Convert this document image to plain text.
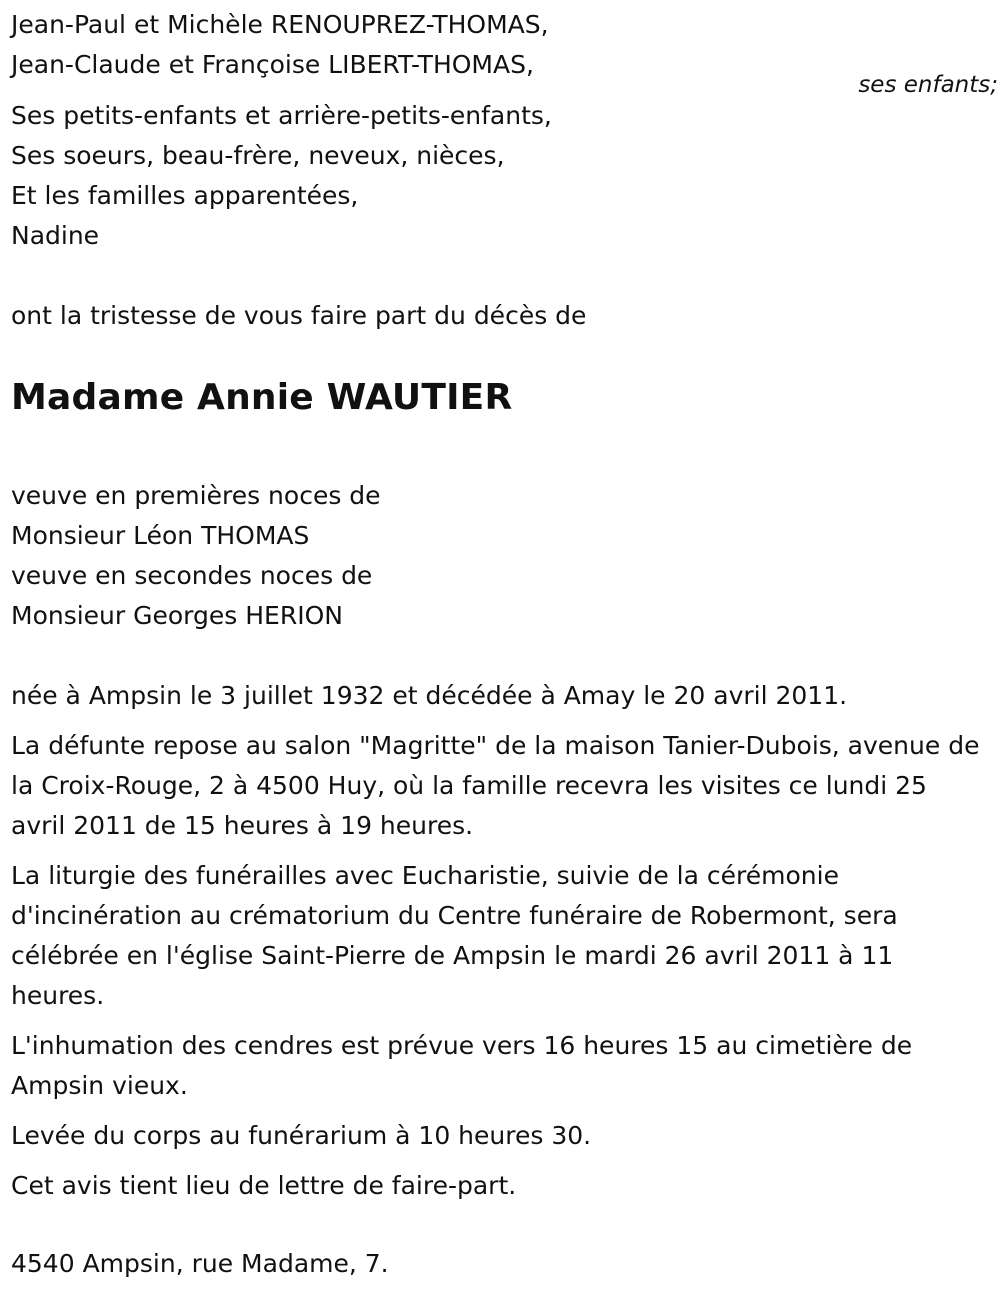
Jean-Paul et Michèle RENOUPREZ-THOMAS,
Jean-Claude et Françoise LIBERT-THOMAS,
ses enfants;
Ses petits-enfants et arrière-petits-enfants,
Ses soeurs, beau-frère, neveux, nièces,
Et les familles apparentées,
Nadine
ont la tristesse de vous faire part du décès de
Madame Annie WAUTIER
veuve en premières noces de
Monsieur Léon THOMAS
veuve en secondes noces de
Monsieur Georges HERION

née à Ampsin le 3 juillet 1932 et décédée à Amay le 20 avril 2011.

La défunte repose au salon "Magritte" de la maison Tanier-Dubois, avenue de la Croix-Rouge, 2 à 4500 Huy, où la famille recevra les visites ce lundi 25 avril 2011 de 15 heures à 19 heures.

La liturgie des funérailles avec Eucharistie, suivie de la cérémonie d'incinération au crématorium du Centre funéraire de Robermont, sera célébrée en l'église Saint-Pierre de Ampsin le mardi 26 avril 2011 à 11 heures.

L'inhumation des cendres est prévue vers 16 heures 15 au cimetière de Ampsin vieux.

Levée du corps au funérarium à 10 heures 30.

Cet avis tient lieu de lettre de faire-part.

4540 Ampsin, rue Madame, 7.
